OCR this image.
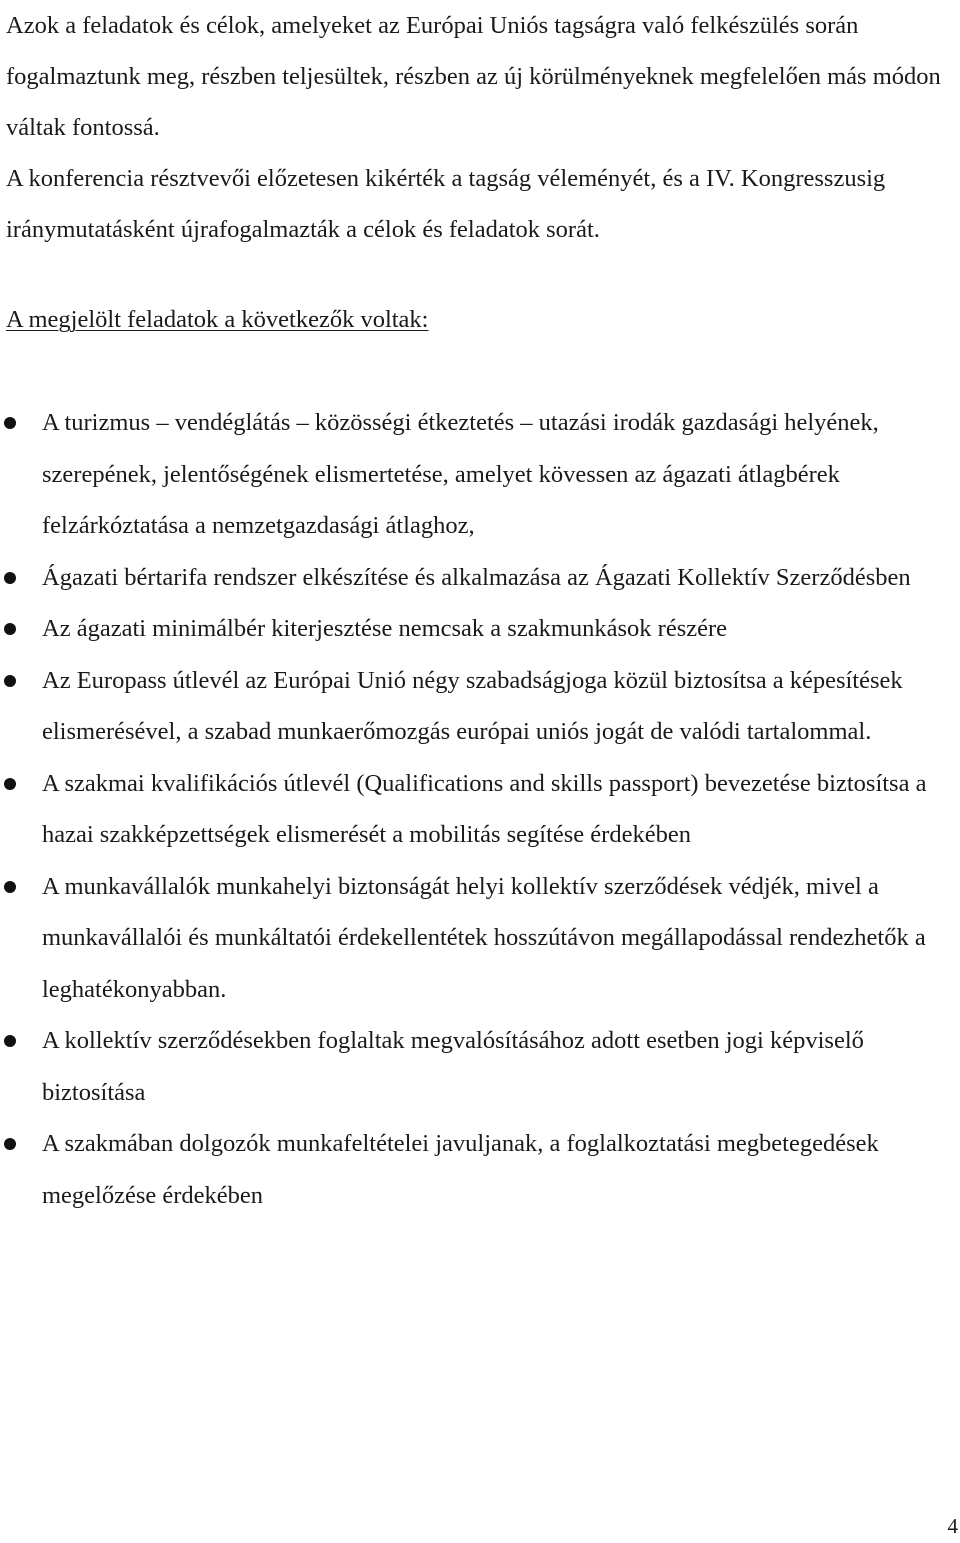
Azok a feladatok és célok, amelyeket az Európai Uniós tagságra való felkészülés során fogalmaztunk meg, részben teljesültek, részben az új körülményeknek megfelelően más módon váltak fontossá.

A konferencia résztvevői előzetesen kikérték a tagság véleményét, és a IV. Kongresszusig iránymutatásként újrafogalmazták a célok és feladatok sorát.

A megjelölt feladatok a következők voltak:
A turizmus – vendéglátás – közösségi étkeztetés – utazási irodák gazdasági helyének, szerepének, jelentőségének elismertetése, amelyet kövessen az ágazati átlagbérek felzárkóztatása a nemzetgazdasági átlaghoz,
Ágazati bértarifa rendszer elkészítése és alkalmazása az Ágazati Kollektív Szerződésben
Az ágazati minimálbér kiterjesztése nemcsak a szakmunkások részére
Az Europass útlevél az Európai Unió négy szabadságjoga közül biztosítsa a képesítések elismerésével, a szabad munkaerőmozgás európai uniós jogát de valódi tartalommal.
A szakmai kvalifikációs útlevél (Qualifications and skills passport) bevezetése biztosítsa a hazai szakképzettségek elismerését a mobilitás segítése érdekében
A munkavállalók munkahelyi biztonságát helyi kollektív szerződések védjék, mivel a munkavállalói és munkáltatói érdekellentétek hosszútávon megállapodással rendezhetők a leghatékonyabban.
A kollektív szerződésekben foglaltak megvalósításához adott esetben jogi képviselő biztosítása
A szakmában dolgozók munkafeltételei javuljanak, a foglalkoztatási megbetegedések megelőzése érdekében
4
